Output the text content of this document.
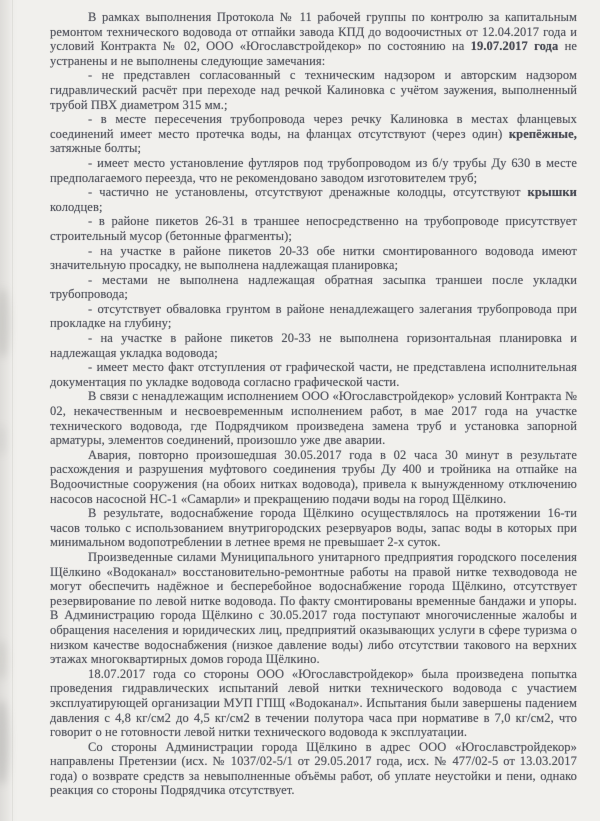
В рамках выполнения Протокола № 11 рабочей группы по контролю за капитальным ремонтом технического водовода от отпайки завода КПД до водоочистных от 12.04.2017 года и условий Контракта № 02, ООО «Югославстройдекор» по состоянию на 19.07.2017 года не устранены и не выполнены следующие замечания:

- не представлен согласованный с техническим надзором и авторским надзором гидравлический расчёт при переходе над речкой Калиновка с учётом заужения, выполненный трубой ПВХ диаметром 315 мм.;

- в месте пересечения трубопровода через речку Калиновка в местах фланцевых соединений имеет место протечка воды, на фланцах отсутствуют (через один) крепёжные, затяжные болты;

- имеет место установление футляров под трубопроводом из б/у трубы Ду 630 в месте предполагаемого переезда, что не рекомендовано заводом изготовителем труб;

- частично не установлены, отсутствуют дренажные колодцы, отсутствуют крышки колодцев;

- в районе пикетов 26-31 в траншее непосредственно на трубопроводе присутствует строительный мусор (бетонные фрагменты);

- на участке в районе пикетов 20-33 обе нитки смонтированного водовода имеют значительную просадку, не выполнена надлежащая планировка;

- местами не выполнена надлежащая обратная засыпка траншеи после укладки трубопровода;

- отсутствует обваловка грунтом в районе ненадлежащего залегания трубопровода при прокладке на глубину;

- на участке в районе пикетов 20-33 не выполнена горизонтальная планировка и надлежащая укладка водовода;

- имеет место факт отступления от графической части, не представлена исполнительная документация по укладке водовода согласно графической части.

В связи с ненадлежащим исполнением ООО «Югославстройдекор» условий Контракта № 02, некачественным и несвоевременным исполнением работ, в мае 2017 года на участке технического водовода, где Подрядчиком произведена замена труб и установка запорной арматуры, элементов соединений, произошло уже две аварии.

Авария, повторно произошедшая 30.05.2017 года в 02 часа 30 минут в результате расхождения и разрушения муфтового соединения трубы Ду 400 и тройника на отпайке на Водоочистные сооружения (на обоих нитках водовода), привела к вынужденному отключению насосов насосной НС-1 «Самарли» и прекращению подачи воды на город Щёлкино.

В результате, водоснабжение города Щёлкино осуществлялось на протяжении 16-ти часов только с использованием внутригородских резервуаров воды, запас воды в которых при минимальном водопотреблении в летнее время не превышает 2-х суток.

Произведенные силами Муниципального унитарного предприятия городского поселения Щёлкино «Водоканал» восстановительно-ремонтные работы на правой нитке техводовода не могут обеспечить надёжное и бесперебойное водоснабжение города Щёлкино, отсутствует резервирование по левой нитке водовода. По факту смонтированы временные бандажи и упоры. В Администрацию города Щёлкино с 30.05.2017 года поступают многочисленные жалобы и обращения населения и юридических лиц, предприятий оказывающих услуги в сфере туризма о низком качестве водоснабжения (низкое давление воды) либо отсутствии такового на верхних этажах многоквартирных домов города Щёлкино.

18.07.2017 года со стороны ООО «Югославстройдекор» была произведена попытка проведения гидравлических испытаний левой нитки технического водовода с участием эксплуатирующей организации МУП ГПЩ «Водоканал». Испытания были завершены падением давления с 4,8 кг/см2 до 4,5 кг/см2 в течении полутора часа при нормативе в 7,0 кг/см2, что говорит о не готовности левой нитки технического водовода к эксплуатации.

Со стороны Администрации города Щёлкино в адрес ООО «Югославстройдекор» направлены Претензии (исх. № 1037/02-5/1 от 29.05.2017 года, исх. № 477/02-5 от 13.03.2017 года) о возврате средств за невыполненные объёмы работ, об уплате неустойки и пени, однако реакция со стороны Подрядчика отсутствует.
